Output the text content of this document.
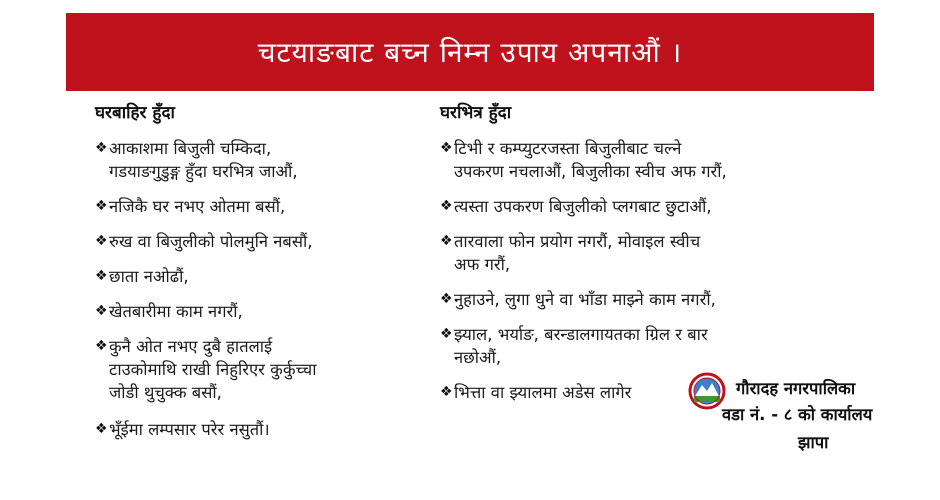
चटयाङबाट बच्न निम्न उपाय अपनाऔं ।
घरबाहिर हुँदा
❖ आकाशमा बिजुली चम्किदा,
गडयाङगुडुङ्ग हुँदा घरभित्र जाऔं,
❖ नजिकै घर नभए ओतमा बसौं,
❖ रुख वा बिजुलीको पोलमुनि नबसौं,
❖ छाता नओढौं,
❖ खेतबारीमा काम नगरौं,
❖ कुनै ओत नभए दुबै हातलाई
टाउकोमाथि राखी निहुरिएर कुर्कुच्चा
जोडी थुचुक्क बसौं,
❖ भूँईमा लम्पसार परेर नसुतौं।
घरभित्र हुँदा
❖ टिभी र कम्प्युटरजस्ता बिजुलीबाट चल्ने
उपकरण नचलाऔं, बिजुलीका स्वीच अफ गरौं,
❖ त्यस्ता उपकरण बिजुलीको प्लगबाट छुटाऔं,
❖ तारवाला फोन प्रयोग नगरौं, मोवाइल स्वीच
अफ गरौं,
❖ नुहाउने, लुगा धुने वा भाँडा माझ्ने काम नगरौं,
❖ झ्याल, भर्याङ, बरन्डालगायतका ग्रिल र बार
नछोऔं,
❖ भित्ता वा झ्यालमा अडेस लागेर	गौरादह नगरपालिका
वडा नं. - ८ को कार्यालय
झापा
